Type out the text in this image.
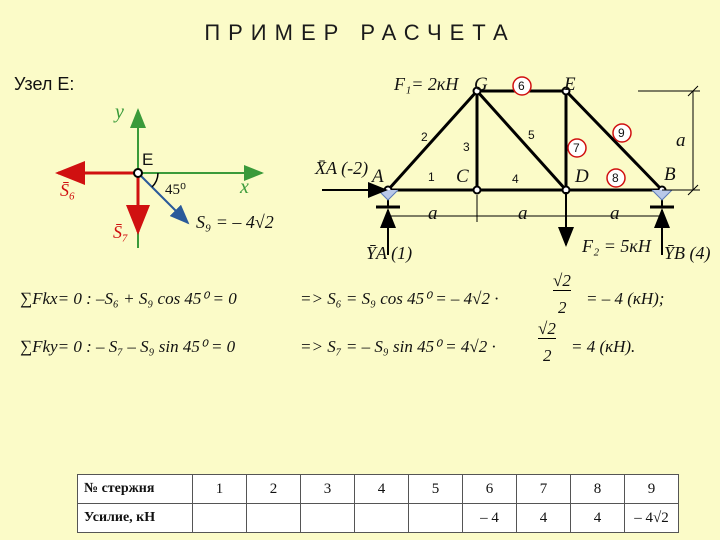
ПРИМЕР РАСЧЕТА
Узел Е:
y
x
E
45⁰
S̄₆
S̄₇	S₉ = – 4√2
F₁= 2кН G	E
X̄A (-2) A	C	D	B
ȲA (1)	F₂ = 5кН ȲB (4)
a	a	a
a
1
2
3
4
5
6
7
8
9
∑Fkx= 0 : –S₆ + S₉ cos 45⁰ = 0	=> S₆ = S₉ cos 45⁰ = – 4√2 ·
√2
2 = – 4 (кН);
∑Fky= 0 : – S₇ – S₉ sin 45⁰ = 0	=> S₇ = – S₉ sin 45⁰ = 4√2 ·
√2
2 = 4 (кН).
№ стержня	1	2	3	4	5	6	7	8	9
Усилие, кН						– 4	4	4	– 4√2
